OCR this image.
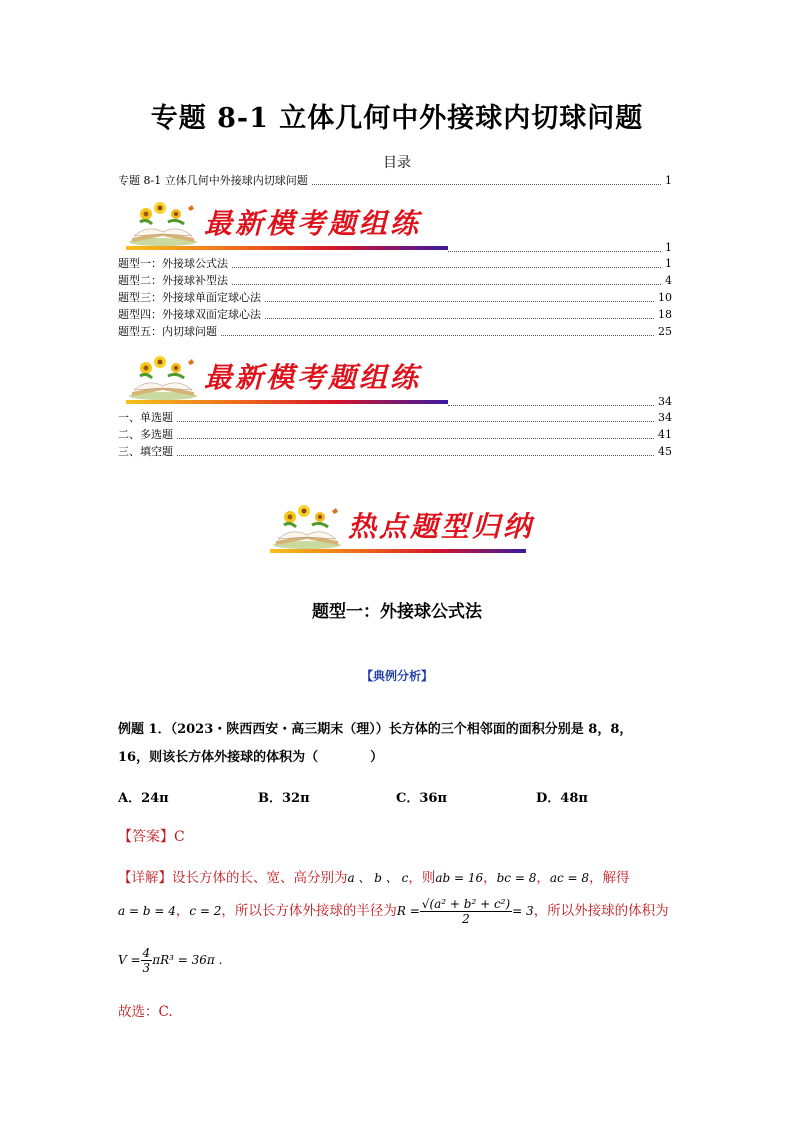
专题 8-1 立体几何中外接球内切球问题
目录
专题 8-1 立体几何中外接球内切球问题	1
最新模考题组练
1
题型一：外接球公式法	1
题型二：外接球补型法	4
题型三：外接球单面定球心法	10
题型四：外接球双面定球心法	18
题型五：内切球问题	25
最新模考题组练
34
一、单选题	34
二、多选题	41
三、填空题	45
热点题型归纳
题型一：外接球公式法
【典例分析】
例题 1．（2023・陕西西安・高三期末（理））长方体的三个相邻面的面积分别是 8，8，
16，则该长方体外接球的体积为（　　　　）
A．24π	B．32π	C．36π	D．48π
【答案】C
【详解】设长方体的长、宽、高分别为a 、 b 、 c，则ab = 16，bc = 8，ac = 8，解得
a = b = 4，c = 2，所以长方体外接球的半径为$R = \frac{\text{√(a² + b² + c²)}}{2} = 3$，所以外接球的体积为
$V = \frac{4}{3} \pi R^3 = 36\pi$ .
故选：C.
